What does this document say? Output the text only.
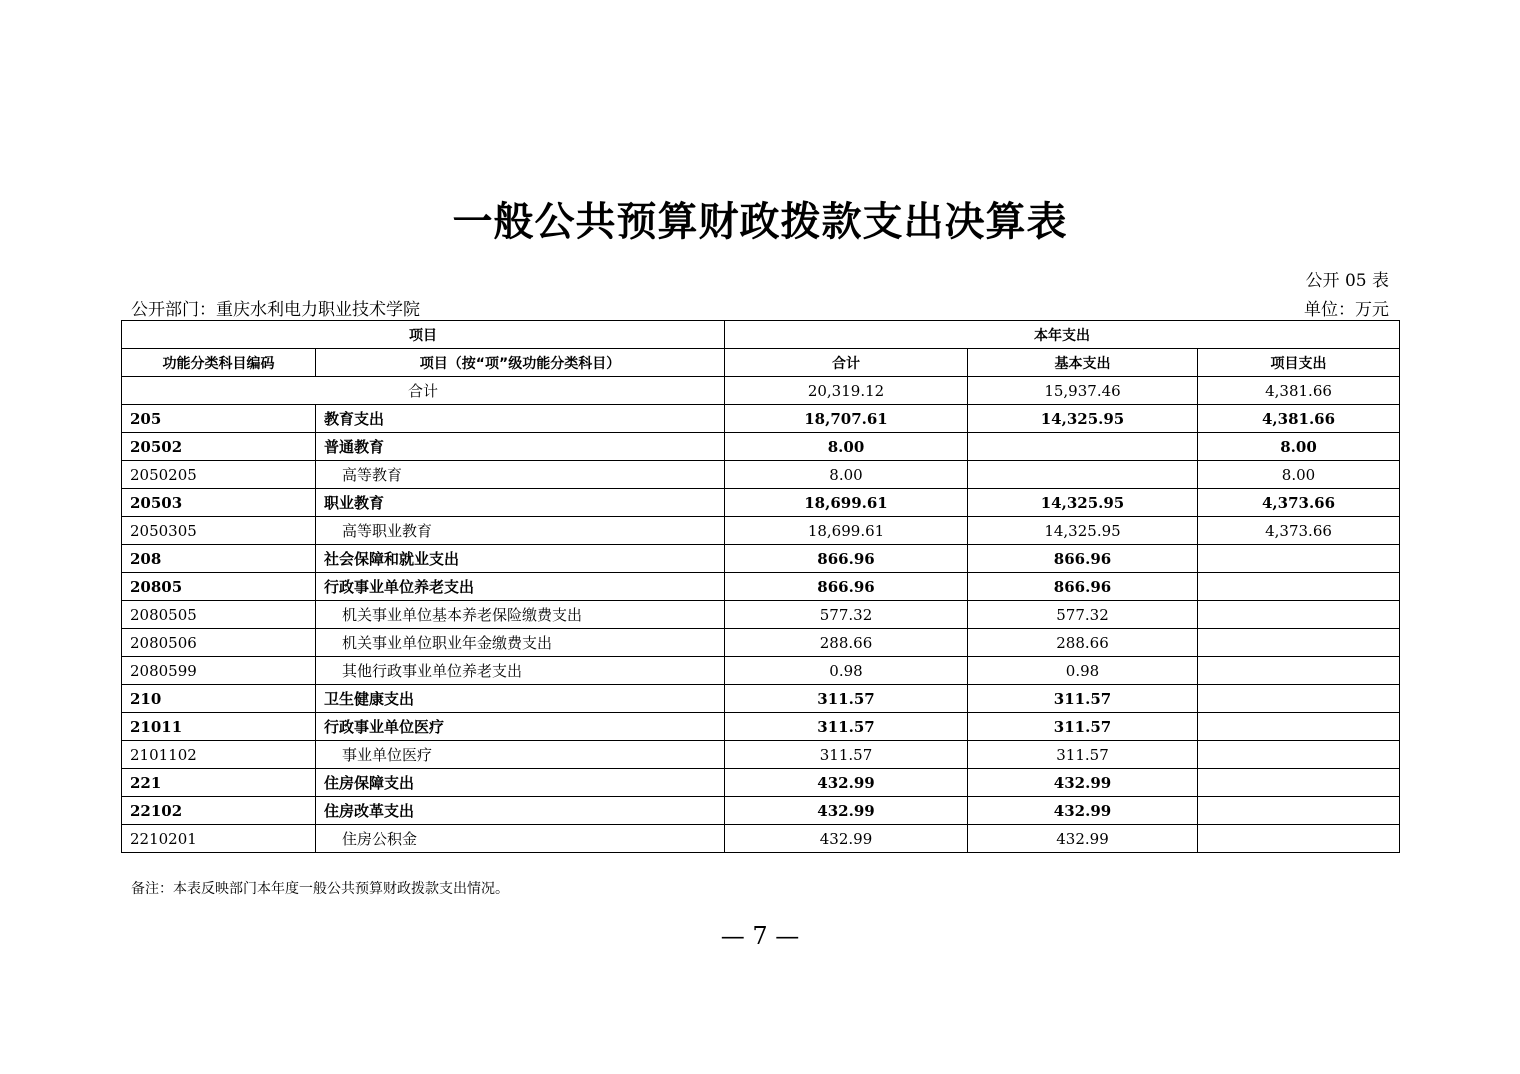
一般公共预算财政拨款支出决算表
公开 05 表
公开部门：重庆水利电力职业技术学院	单位：万元
项目		本年支出		
功能分类科目编码	项目（按“项”级功能分类科目）	合计	基本支出	项目支出
合计		20,319.12	15,937.46	4,381.66
205	教育支出	18,707.61	14,325.95	4,381.66
20502	普通教育	8.00		8.00
2050205	高等教育	8.00		8.00
20503	职业教育	18,699.61	14,325.95	4,373.66
2050305	高等职业教育	18,699.61	14,325.95	4,373.66
208	社会保障和就业支出	866.96	866.96	
20805	行政事业单位养老支出	866.96	866.96	
2080505	机关事业单位基本养老保险缴费支出	577.32	577.32	
2080506	机关事业单位职业年金缴费支出	288.66	288.66	
2080599	其他行政事业单位养老支出	0.98	0.98	
210	卫生健康支出	311.57	311.57	
21011	行政事业单位医疗	311.57	311.57	
2101102	事业单位医疗	311.57	311.57	
221	住房保障支出	432.99	432.99	
22102	住房改革支出	432.99	432.99	
2210201	住房公积金	432.99	432.99	
备注：本表反映部门本年度一般公共预算财政拨款支出情况。
— 7 —
